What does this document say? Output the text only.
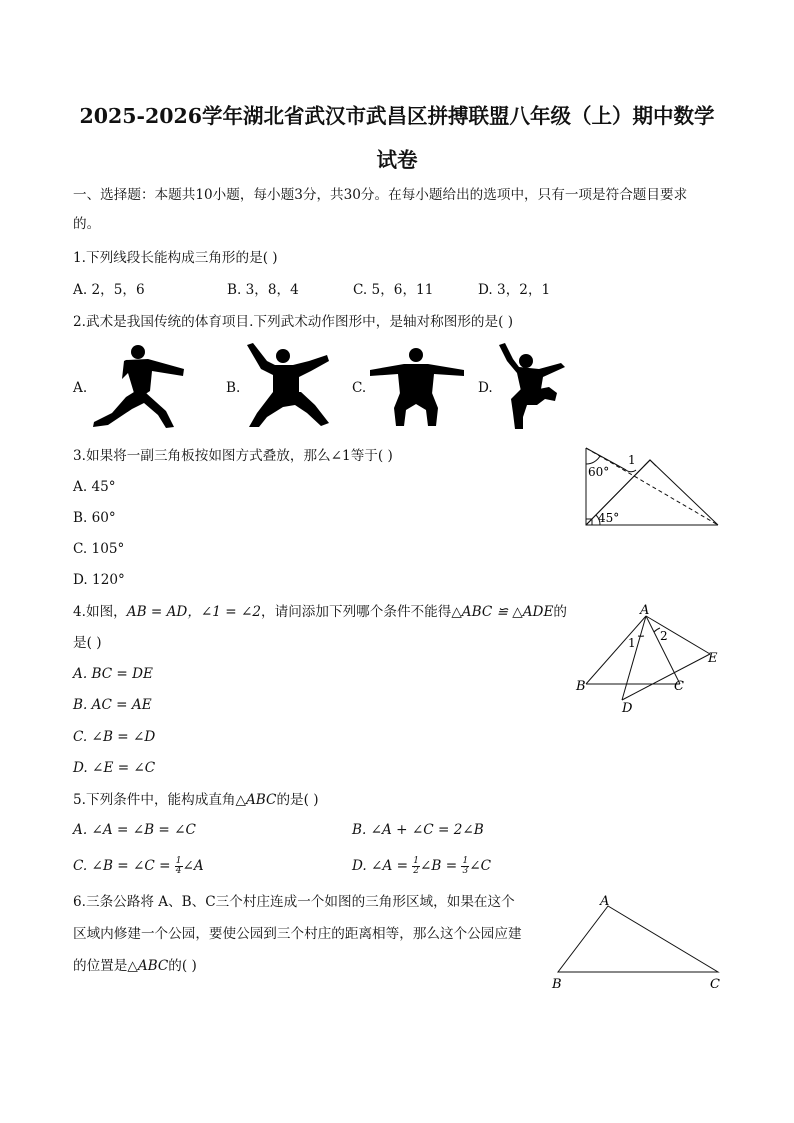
2025-2026学年湖北省武汉市武昌区拼搏联盟八年级（上）期中数学
试卷
一、选择题：本题共10小题，每小题3分，共30分。在每小题给出的选项中，只有一项是符合题目要求
的。
1.下列线段长能构成三角形的是( )
A. 2，5，6	B. 3，8，4	C. 5，6，11	D. 3，2，1
2.武术是我国传统的体育项目.下列武术动作图形中，是轴对称图形的是( )
A.	B.	C.	D.
3.如果将一副三角板按如图方式叠放，那么∠1等于( )
A. 45°
B. 60°
C. 105°
D. 120°
60°
45°
1
4.如图，AB = AD，∠1 = ∠2，请问添加下列哪个条件不能得△ABC ≌ △ADE的
是( )
A. BC = DE
B. AC = AE
C. ∠B = ∠D
D. ∠E = ∠C
A
B	C
D
E
1 2
5.下列条件中，能构成直角△ABC的是( )
A. ∠A = ∠B = ∠C	B. ∠A + ∠C = 2∠B
C. ∠B = ∠C = $\frac{1}{4}$ ∠A	D. ∠A = $\frac{1}{2}$ ∠B = $\frac{1}{3}$ ∠C
6.三条公路将 A、B、C三个村庄连成一个如图的三角形区域，如果在这个
区域内修建一个公园，要使公园到三个村庄的距离相等，那么这个公园应建
的位置是△ABC的( )
A
B	C
